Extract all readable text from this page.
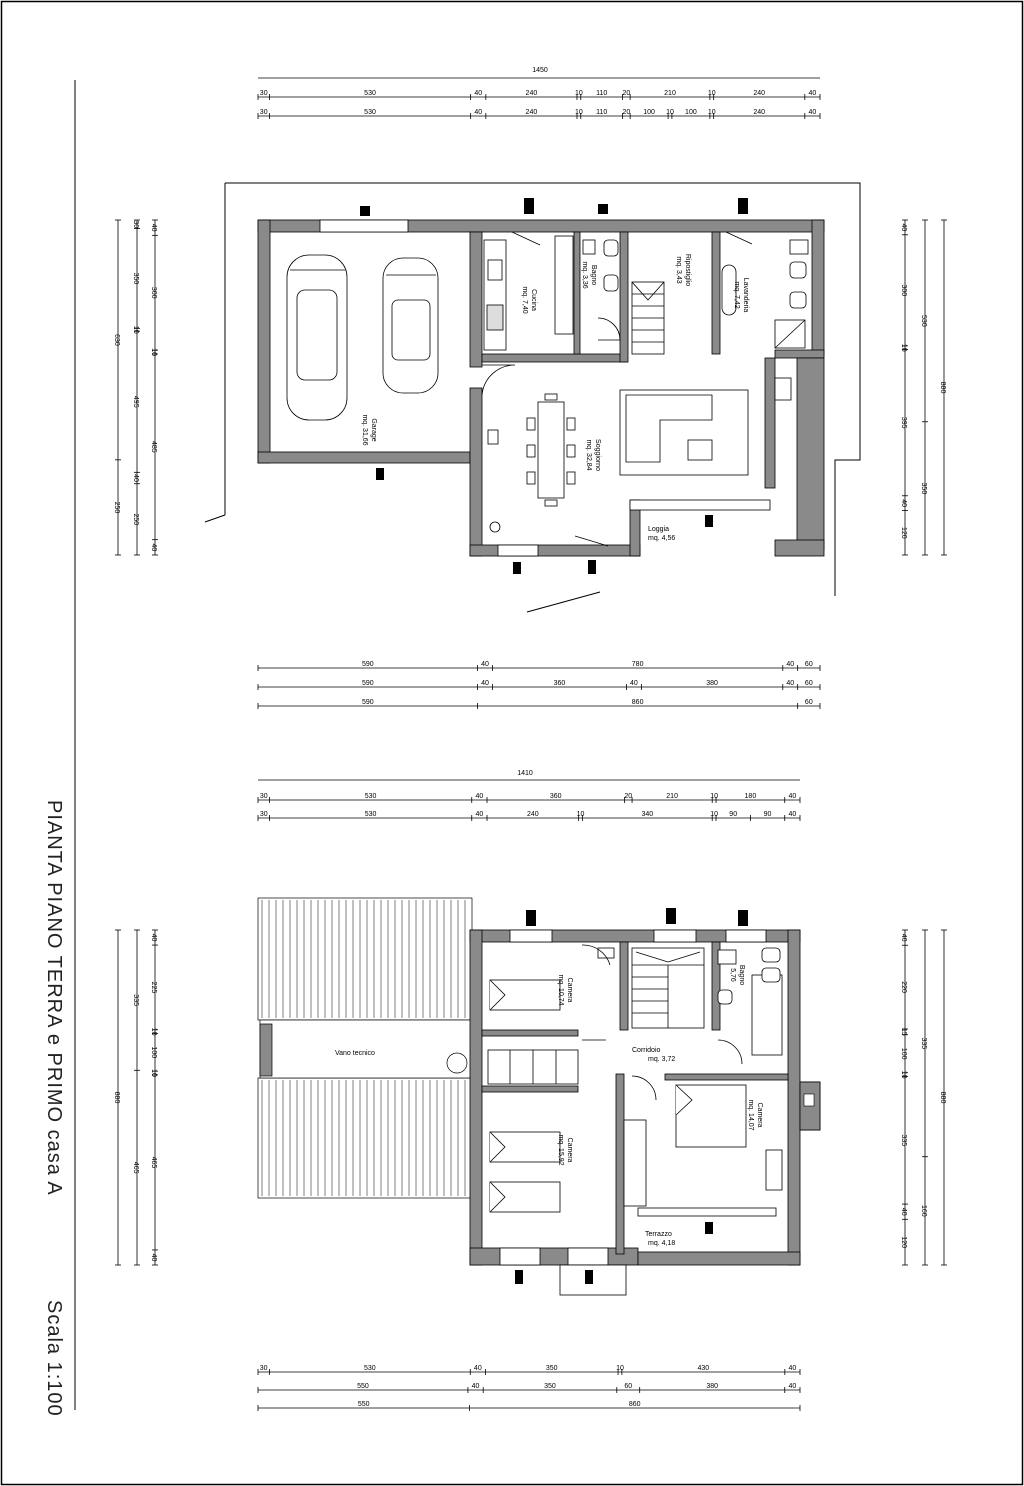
PIANTA PIANO TERRA e PRIMO casa A
Scala 1:100
1450
30	530	40	240	10 110 20	210	10	240	40
30	530	40	240	10 110 20 100 10 100 10	240	40
Garage
mq. 31,66
Cucina
mq. 7,40
Bagno
mq. 3,36	Ripostiglio
mq. 3,43
Lavanderia
mq. 7,42
Soggiorno
mq. 32,84
Loggia
mq. 4,56
630
250
30
350
10
495
40
250
40
300
10
485
40
40
300
10
395
40
120
530
350
880
590	40	780	40 60
590	40	360	40	380	40 60
590	860	60
1410
30	530	40	360	20	210	10	180	40
30	530	40	240	10	340	10 90	90 40
Camera
mq. 10,74	Bagno
5,76
Corridoio
mq. 3,72
Camera
mq. 15,92
Camera
mq. 14,07
Terrazzo
mq. 4,18
Vano tecnico
880
335
465
40
225
10
100
10
465
40
40
220
15
100
10
335
40
120
335
160
880
30	530	40	350	10	430	40
550	40	350	60	380	40
550	860
